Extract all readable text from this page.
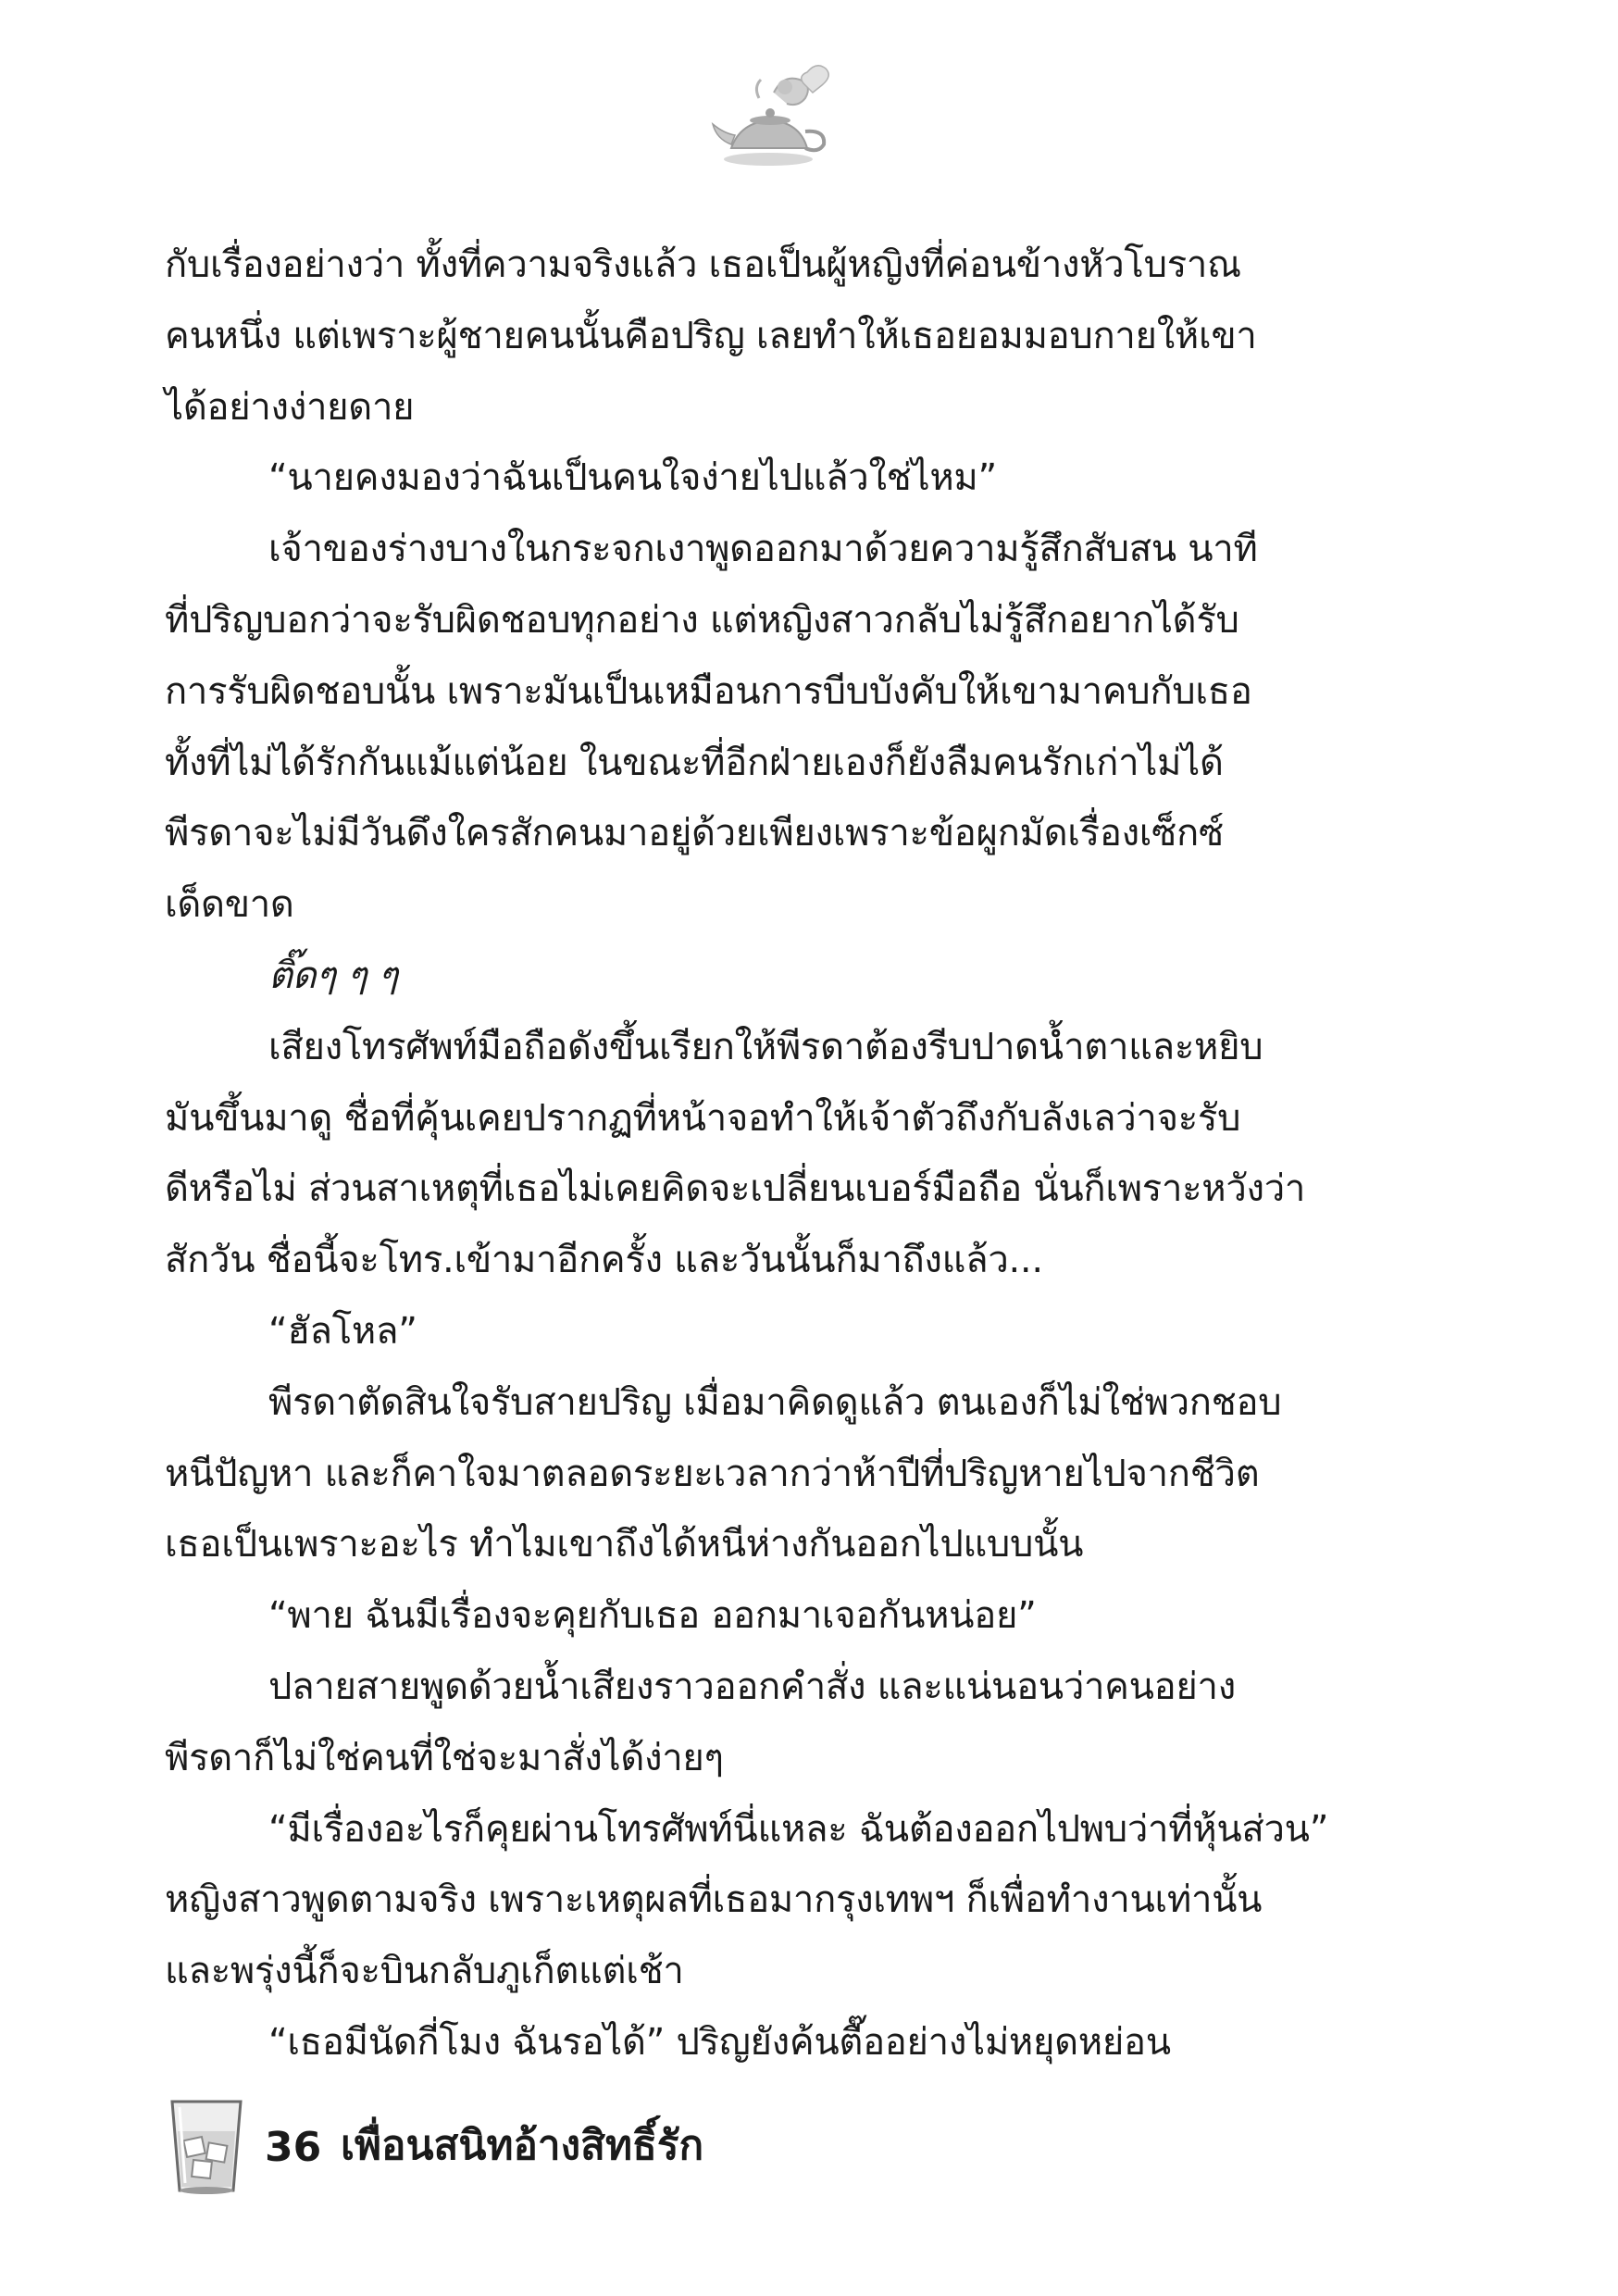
กับเรื่องอย่างว่า ทั้งที่ความจริงแล้ว เธอเป็นผู้หญิงที่ค่อนข้างหัวโบราณ
คนหนึ่ง แต่เพราะผู้ชายคนนั้นคือปริญ เลยทำให้เธอยอมมอบกายให้เขา
ได้อย่างง่ายดาย
“นายคงมองว่าฉันเป็นคนใจง่ายไปแล้วใช่ไหม”
เจ้าของร่างบางในกระจกเงาพูดออกมาด้วยความรู้สึกสับสน นาที
ที่ปริญบอกว่าจะรับผิดชอบทุกอย่าง แต่หญิงสาวกลับไม่รู้สึกอยากได้รับ
การรับผิดชอบนั้น เพราะมันเป็นเหมือนการบีบบังคับให้เขามาคบกับเธอ
ทั้งที่ไม่ได้รักกันแม้แต่น้อย ในขณะที่อีกฝ่ายเองก็ยังลืมคนรักเก่าไม่ได้
พีรดาจะไม่มีวันดึงใครสักคนมาอยู่ด้วยเพียงเพราะข้อผูกมัดเรื่องเซ็กซ์
เด็ดขาด
ติ๊ดๆ ๆ ๆ
เสียงโทรศัพท์มือถือดังขึ้นเรียกให้พีรดาต้องรีบปาดน้ำตาและหยิบ
มันขึ้นมาดู ชื่อที่คุ้นเคยปรากฏที่หน้าจอทำให้เจ้าตัวถึงกับลังเลว่าจะรับ
ดีหรือไม่ ส่วนสาเหตุที่เธอไม่เคยคิดจะเปลี่ยนเบอร์มือถือ นั่นก็เพราะหวังว่า
สักวัน ชื่อนี้จะโทร.เข้ามาอีกครั้ง และวันนั้นก็มาถึงแล้ว...
“ฮัลโหล”
พีรดาตัดสินใจรับสายปริญ เมื่อมาคิดดูแล้ว ตนเองก็ไม่ใช่พวกชอบ
หนีปัญหา และก็คาใจมาตลอดระยะเวลากว่าห้าปีที่ปริญหายไปจากชีวิต
เธอเป็นเพราะอะไร ทำไมเขาถึงได้หนีห่างกันออกไปแบบนั้น
“พาย ฉันมีเรื่องจะคุยกับเธอ ออกมาเจอกันหน่อย”
ปลายสายพูดด้วยน้ำเสียงราวออกคำสั่ง และแน่นอนว่าคนอย่าง
พีรดาก็ไม่ใช่คนที่ใช่จะมาสั่งได้ง่ายๆ
“มีเรื่องอะไรก็คุยผ่านโทรศัพท์นี่แหละ ฉันต้องออกไปพบว่าที่หุ้นส่วน”
หญิงสาวพูดตามจริง เพราะเหตุผลที่เธอมากรุงเทพฯ ก็เพื่อทำงานเท่านั้น
และพรุ่งนี้ก็จะบินกลับภูเก็ตแต่เช้า
“เธอมีนัดกี่โมง ฉันรอได้” ปริญยังค้นตื๊ออย่างไม่หยุดหย่อน
36 เพื่อนสนิทอ้างสิทธิ์รัก
